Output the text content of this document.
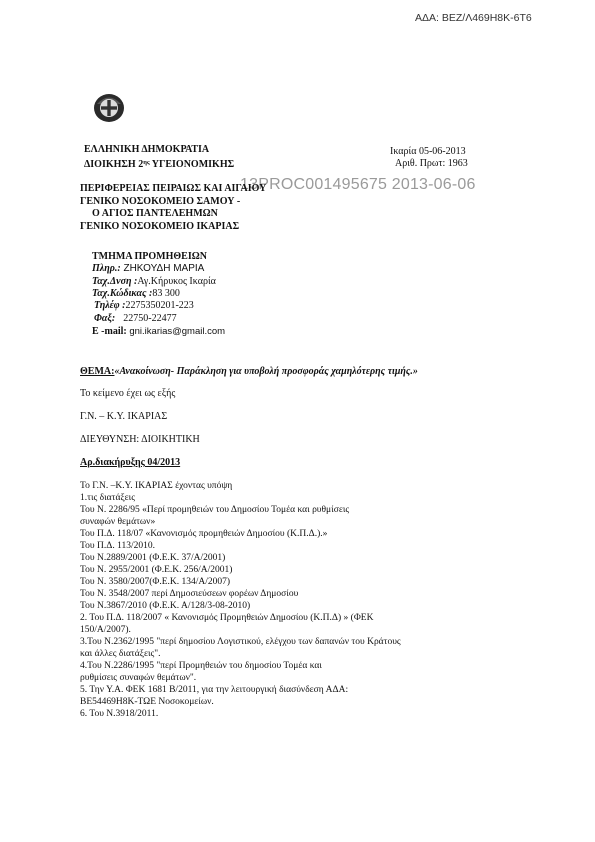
ΑΔΑ: ΒΕΖ/Λ469Η8Κ-6Τ6
ΕΛΛΗΝΙΚΗ ΔΗΜΟΚΡΑΤΙΑ
ΔΙΟΙΚΗΣΗ $2^{\eta\varsigma}$ ΥΓΕΙΟΝΟΜΙΚΗΣ
Ικαρία 05-06-2013
Αριθ. Πρωτ: 1963
13PROC001495675 2013-06-06
ΠΕΡΙΦΕΡΕΙΑΣ ΠΕΙΡΑΙΩΣ ΚΑΙ ΑΙΓΑΙΟΥ
ΓΕΝΙΚΟ ΝΟΣΟΚΟΜΕΙΟ ΣΑΜΟΥ -
Ο ΑΓΙΟΣ ΠΑΝΤΕΛΕΗΜΩΝ
ΓΕΝΙΚΟ ΝΟΣΟΚΟΜΕΙΟ ΙΚΑΡΙΑΣ
ΤΜΗΜΑ ΠΡΟΜΗΘΕΙΩΝ
Πληρ.: ΖΗΚΟΥΔΗ ΜΑΡΙΑ
Ταχ.Δνση :Αγ.Κήρυκος Ικαρία
Ταχ.Κώδικας :83 300
Τηλέφ :2275350201-223
Φαξ: 22750-22477
E -mail: gni.ikarias@gmail.com
ΘΕΜΑ:«Ανακοίνωση- Παράκληση για υποβολή προσφοράς χαμηλότερης τιμής.»
Το κείμενο έχει ως εξής
Γ.Ν. – Κ.Υ. ΙΚΑΡΙΑΣ
ΔΙΕΥΘΥΝΣΗ: ΔΙΟΙΚΗΤΙΚΗ
Αρ.διακήρυξης 04/2013
Το Γ.Ν. –Κ.Υ. ΙΚΑΡΙΑΣ έχοντας υπόψη
1.τις διατάξεις
Του Ν. 2286/95 «Περί προμηθειών του Δημοσίου Τομέα και ρυθμίσεις
συναφών θεμάτων»
Του Π.Δ. 118/07 «Κανονισμός προμηθειών Δημοσίου (Κ.Π.Δ.).»
Του Π.Δ. 113/2010.
Του Ν.2889/2001 (Φ.Ε.Κ. 37/Α/2001)
Του Ν. 2955/2001 (Φ.Ε.Κ. 256/Α/2001)
Του Ν. 3580/2007(Φ.Ε.Κ. 134/Α/2007)
Του Ν. 3548/2007 περί Δημοσιεύσεων φορέων Δημοσίου
Του Ν.3867/2010 (Φ.Ε.Κ. Α/128/3-08-2010)
2. Του Π.Δ. 118/2007 « Κανονισμός Προμηθειών Δημοσίου (Κ.Π.Δ) » (ΦΕΚ
150/Α/2007).
3.Του Ν.2362/1995 "περί δημοσίου Λογιστικού, ελέγχου των δαπανών του Κράτους
και άλλες διατάξεις".
4.Του Ν.2286/1995 "περί Προμηθειών του δημοσίου Τομέα και
ρυθμίσεις συναφών θεμάτων".
5. Την Υ.Α. ΦΕΚ 1681 Β/2011, για την λειτουργική διασύνδεση ΑΔΑ:
ΒΕ54469Η8Κ-ΤΩΕ Νοσοκομείων.
6. Του Ν.3918/2011.
